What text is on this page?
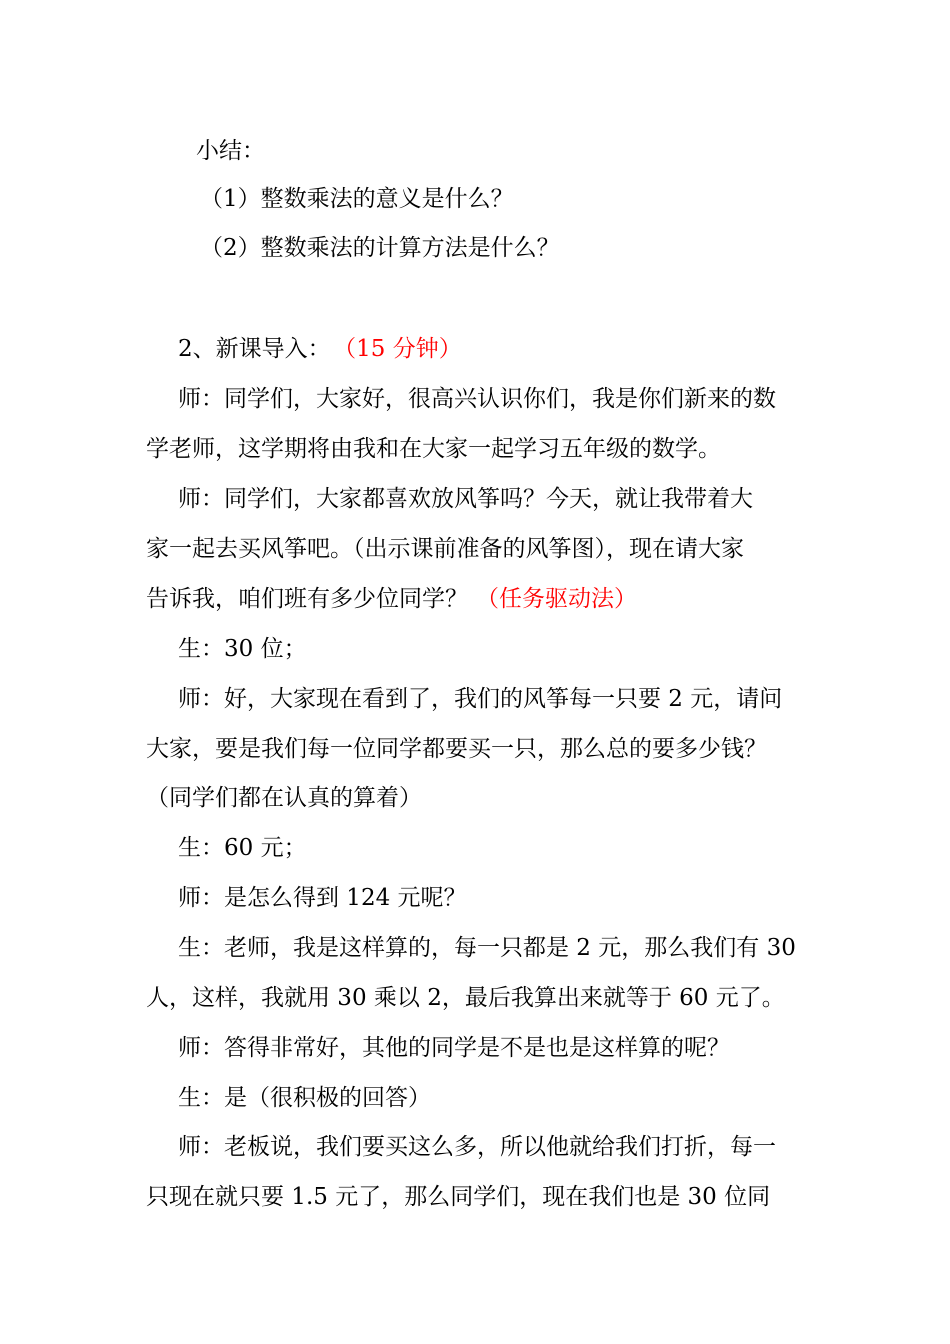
小结：
（1）整数乘法的意义是什么？
（2）整数乘法的计算方法是什么？
2、新课导入： （15 分钟）
师：同学们，大家好，很高兴认识你们，我是你们新来的数
学老师，这学期将由我和在大家一起学习五年级的数学。
师：同学们，大家都喜欢放风筝吗？今天，就让我带着大
家一起去买风筝吧。（出示课前准备的风筝图），现在请大家
告诉我，咱们班有多少位同学？ （任务驱动法）
生：30 位；
师：好，大家现在看到了，我们的风筝每一只要 2 元，请问
大家，要是我们每一位同学都要买一只，那么总的要多少钱？
（同学们都在认真的算着）
生：60 元；
师：是怎么得到 124 元呢？
生：老师，我是这样算的，每一只都是 2 元，那么我们有 30
人，这样，我就用 30 乘以 2，最后我算出来就等于 60 元了。
师：答得非常好，其他的同学是不是也是这样算的呢？
生：是（很积极的回答）
师：老板说，我们要买这么多，所以他就给我们打折，每一
只现在就只要 1.5 元了，那么同学们，现在我们也是 30 位同
